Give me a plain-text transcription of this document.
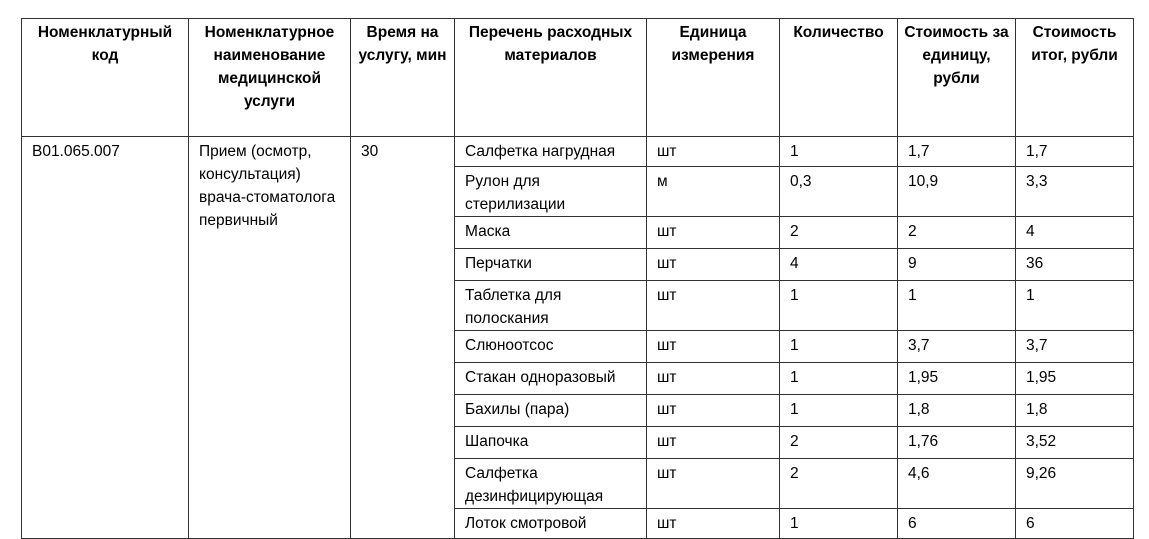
Номенклатурный код	Номенклатурное наименование медицинской услуги	Время на услугу, мин	Перечень расходных материалов	Единица измерения	Количество	Стоимость за единицу, рубли	Стоимость итог, рубли
В01.065.007	Прием (осмотр, консультация) врача-стоматолога первичный	30	Салфетка нагрудная	шт	1	1,7	1,7
			Рулон для стерилизации	м	0,3	10,9	3,3
			Маска	шт	2	2	4
			Перчатки	шт	4	9	36
			Таблетка для полоскания	шт	1	1	1
			Слюноотсос	шт	1	3,7	3,7
			Стакан одноразовый	шт	1	1,95	1,95
			Бахилы (пара)	шт	1	1,8	1,8
			Шапочка	шт	2	1,76	3,52
			Салфетка дезинфицирующая	шт	2	4,6	9,26
			Лоток смотровой	шт	1	6	6
